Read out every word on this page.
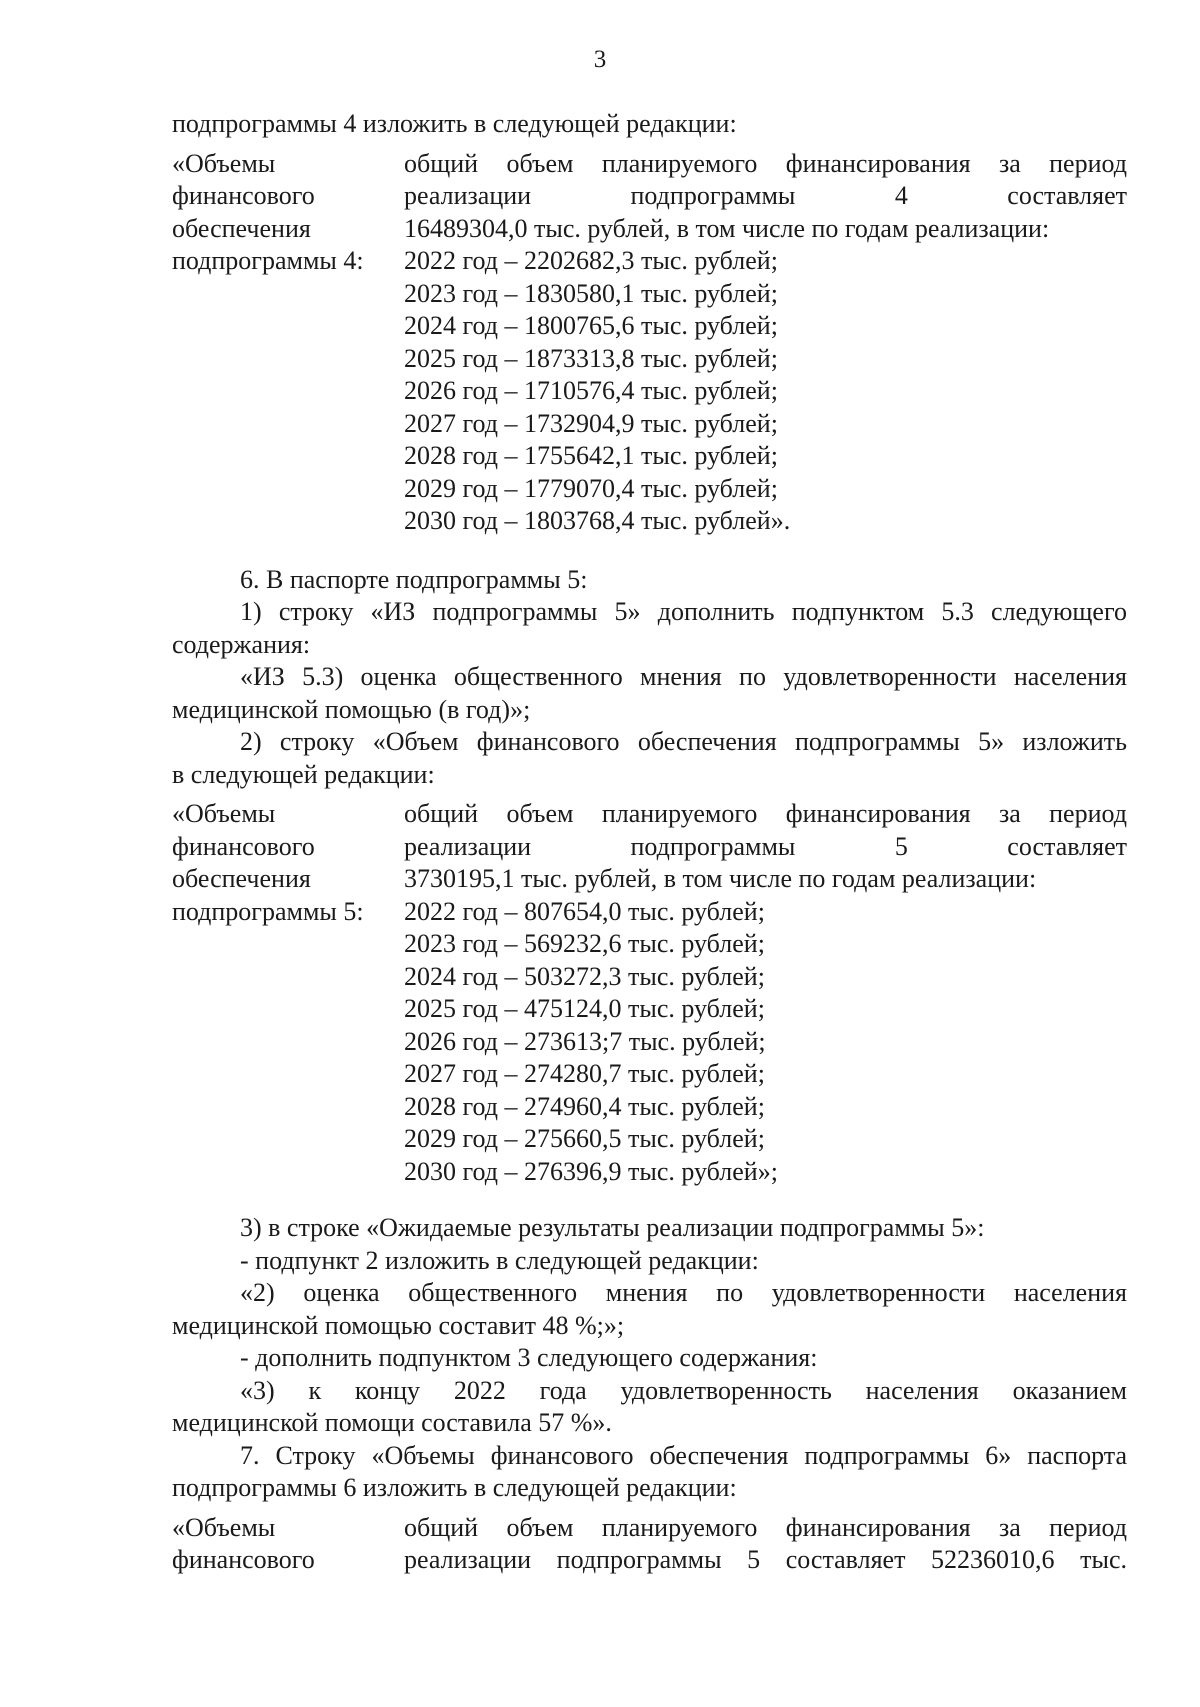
3

подпрограммы 4 изложить в следующей редакции:

«Объемы

финансового

обеспечения

подпрограммы 4:

общий объем планируемого финансирования за период

реализации подпрограммы 4 составляет

16489304,0 тыс. рублей, в том числе по годам реализации:

2022 год – 2202682,3 тыс. рублей;

2023 год – 1830580,1 тыс. рублей;

2024 год – 1800765,6 тыс. рублей;

2025 год – 1873313,8 тыс. рублей;

2026 год – 1710576,4 тыс. рублей;

2027 год – 1732904,9 тыс. рублей;

2028 год – 1755642,1 тыс. рублей;

2029 год – 1779070,4 тыс. рублей;

2030 год – 1803768,4 тыс. рублей».

6. В паспорте подпрограммы 5:

1) строку «ИЗ подпрограммы 5» дополнить подпунктом 5.3 следующего

содержания:

«ИЗ 5.3) оценка общественного мнения по удовлетворенности населения

медицинской помощью (в год)»;

2) строку «Объем финансового обеспечения подпрограммы 5» изложить

в следующей редакции:

«Объемы

финансового

обеспечения

подпрограммы 5:

общий объем планируемого финансирования за период

реализации подпрограммы 5 составляет

3730195,1 тыс. рублей, в том числе по годам реализации:

2022 год – 807654,0 тыс. рублей;

2023 год – 569232,6 тыс. рублей;

2024 год – 503272,3 тыс. рублей;

2025 год – 475124,0 тыс. рублей;

2026 год – 273613;7 тыс. рублей;

2027 год – 274280,7 тыс. рублей;

2028 год – 274960,4 тыс. рублей;

2029 год – 275660,5 тыс. рублей;

2030 год – 276396,9 тыс. рублей»;

3) в строке «Ожидаемые результаты реализации подпрограммы 5»:

- подпункт 2 изложить в следующей редакции:

«2) оценка общественного мнения по удовлетворенности населения

медицинской помощью составит 48 %;»;

- дополнить подпунктом 3 следующего содержания:

«3) к концу 2022 года удовлетворенность населения оказанием

медицинской помощи составила 57 %».

7. Строку «Объемы финансового обеспечения подпрограммы 6» паспорта

подпрограммы 6 изложить в следующей редакции:

«Объемы

финансового

общий объем планируемого финансирования за период

реализации подпрограммы 5 составляет 52236010,6 тыс.
